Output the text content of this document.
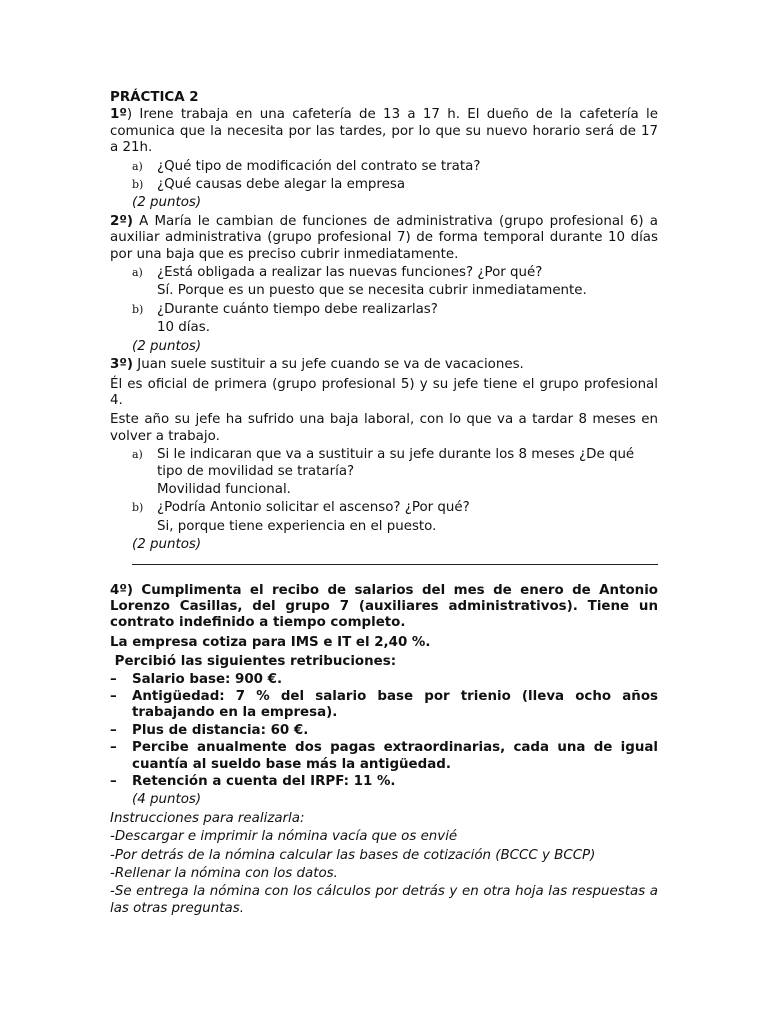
PRÁCTICA 2

1º) Irene trabaja en una cafetería de 13 a 17 h. El dueño de la cafetería le comunica que la necesita por las tardes, por lo que su nuevo horario será de 17 a 21h.

a) ¿Qué tipo de modificación del contrato se trata?
b) ¿Qué causas debe alegar la empresa

(2 puntos)

2º) A María le cambian de funciones de administrativa (grupo profesional 6) a auxiliar administrativa (grupo profesional 7) de forma temporal durante 10 días por una baja que es preciso cubrir inmediatamente.

a) ¿Está obligada a realizar las nuevas funciones? ¿Por qué?

Sí. Porque es un puesto que se necesita cubrir inmediatamente.

b) ¿Durante cuánto tiempo debe realizarlas?

10 días.

(2 puntos)

3º) Juan suele sustituir a su jefe cuando se va de vacaciones.

Él es oficial de primera (grupo profesional 5) y su jefe tiene el grupo profesional 4.

Este año su jefe ha sufrido una baja laboral, con lo que va a tardar 8 meses en volver a trabajo.

a) Si le indicaran que va a sustituir a su jefe durante los 8 meses ¿De qué tipo de movilidad se trataría?

Movilidad funcional.

b) ¿Podría Antonio solicitar el ascenso? ¿Por qué?

Si, porque tiene experiencia en el puesto.

(2 puntos)

4º) Cumplimenta el recibo de salarios del mes de enero de Antonio Lorenzo Casillas, del grupo 7 (auxiliares administrativos). Tiene un contrato indefinido a tiempo completo.

La empresa cotiza para IMS e IT el 2,40 %.

Percibió las siguientes retribuciones:

– Salario base: 900 €.
– Antigüedad: 7 % del salario base por trienio (lleva ocho años trabajando en la empresa).
– Plus de distancia: 60 €.
– Percibe anualmente dos pagas extraordinarias, cada una de igual cuantía al sueldo base más la antigüedad.
– Retención a cuenta del IRPF: 11 %.

(4 puntos)

Instrucciones para realizarla:

-Descargar e imprimir la nómina vacía que os envié

-Por detrás de la nómina calcular las bases de cotización (BCCC y BCCP)

-Rellenar la nómina con los datos.

-Se entrega la nómina con los cálculos por detrás y en otra hoja las respuestas a las otras preguntas.
